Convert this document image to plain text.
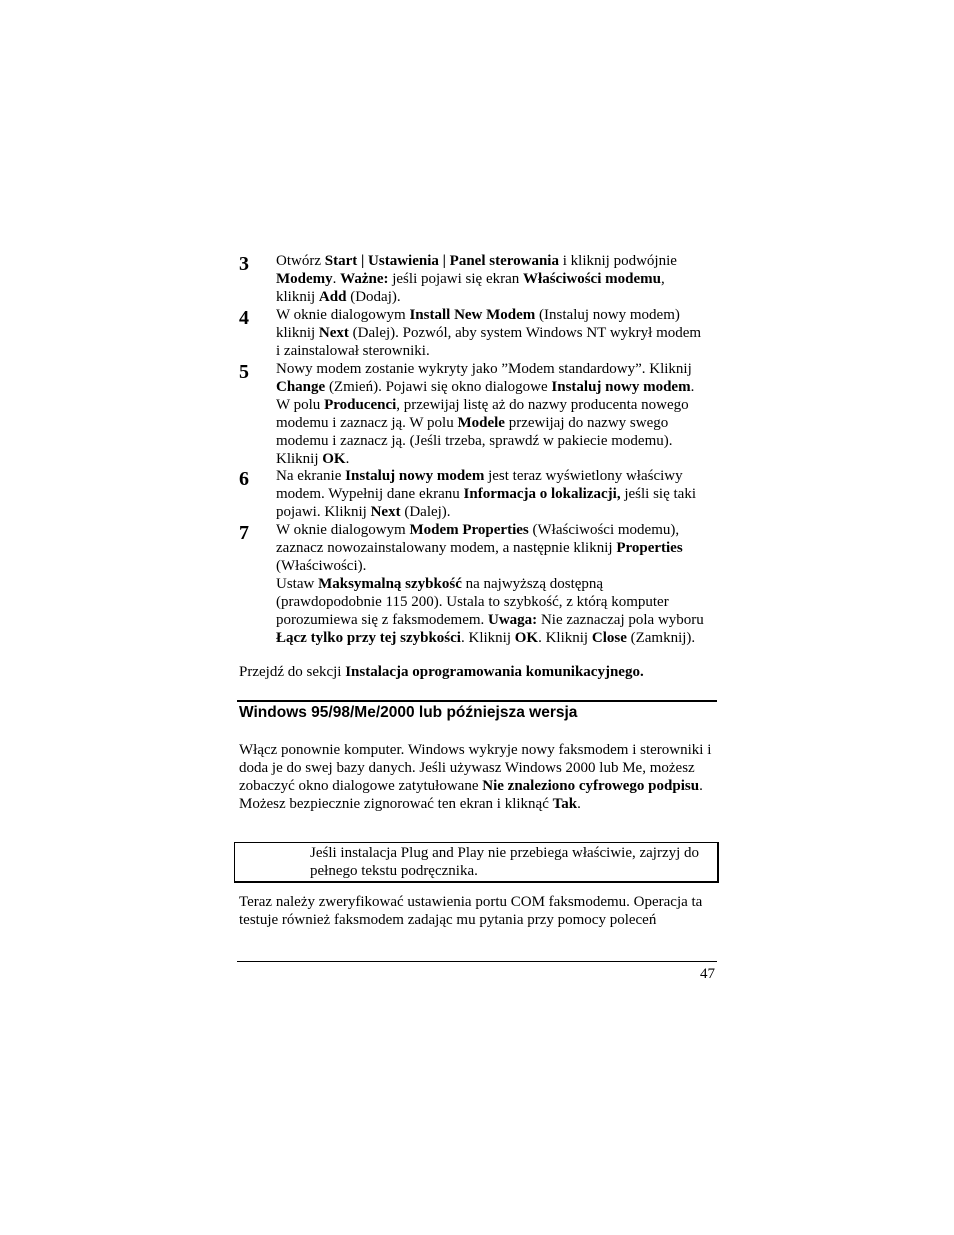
3 Otwórz Start | Ustawienia | Panel sterowania i kliknij podwójnie Modemy. Ważne: jeśli pojawi się ekran Właściwości modemu, kliknij Add (Dodaj).
4 W oknie dialogowym Install New Modem (Instaluj nowy modem) kliknij Next (Dalej). Pozwól, aby system Windows NT wykrył modem i zainstalował sterowniki.
5 Nowy modem zostanie wykryty jako ”Modem standardowy”. Kliknij Change (Zmień). Pojawi się okno dialogowe Instaluj nowy modem. W polu Producenci, przewijaj listę aż do nazwy producenta nowego modemu i zaznacz ją. W polu Modele przewijaj do nazwy swego modemu i zaznacz ją. (Jeśli trzeba, sprawdź w pakiecie modemu). Kliknij OK.
6 Na ekranie Instaluj nowy modem jest teraz wyświetlony właściwy modem. Wypełnij dane ekranu Informacja o lokalizacji, jeśli się taki pojawi. Kliknij Next (Dalej).
7 W oknie dialogowym Modem Properties (Właściwości modemu), zaznacz nowozainstalowany modem, a następnie kliknij Properties (Właściwości).
Ustaw Maksymalną szybkość na najwyższą dostępną (prawdopodobnie 115 200). Ustala to szybkość, z którą komputer porozumiewa się z faksmodemem. Uwaga: Nie zaznaczaj pola wyboru Łącz tylko przy tej szybkości. Kliknij OK. Kliknij Close (Zamknij).
Przejdź do sekcji Instalacja oprogramowania komunikacyjnego.
Windows 95/98/Me/2000 lub późniejsza wersja
Włącz ponownie komputer. Windows wykryje nowy faksmodem i sterowniki i doda je do swej bazy danych. Jeśli używasz Windows 2000 lub Me, możesz zobaczyć okno dialogowe zatytułowane Nie znaleziono cyfrowego podpisu. Możesz bezpiecznie zignorować ten ekran i kliknąć Tak.
Jeśli instalacja Plug and Play nie przebiega właściwie, zajrzyj do pełnego tekstu podręcznika.
Teraz należy zweryfikować ustawienia portu COM faksmodemu. Operacja ta testuje również faksmodem zadając mu pytania przy pomocy poleceń
47
